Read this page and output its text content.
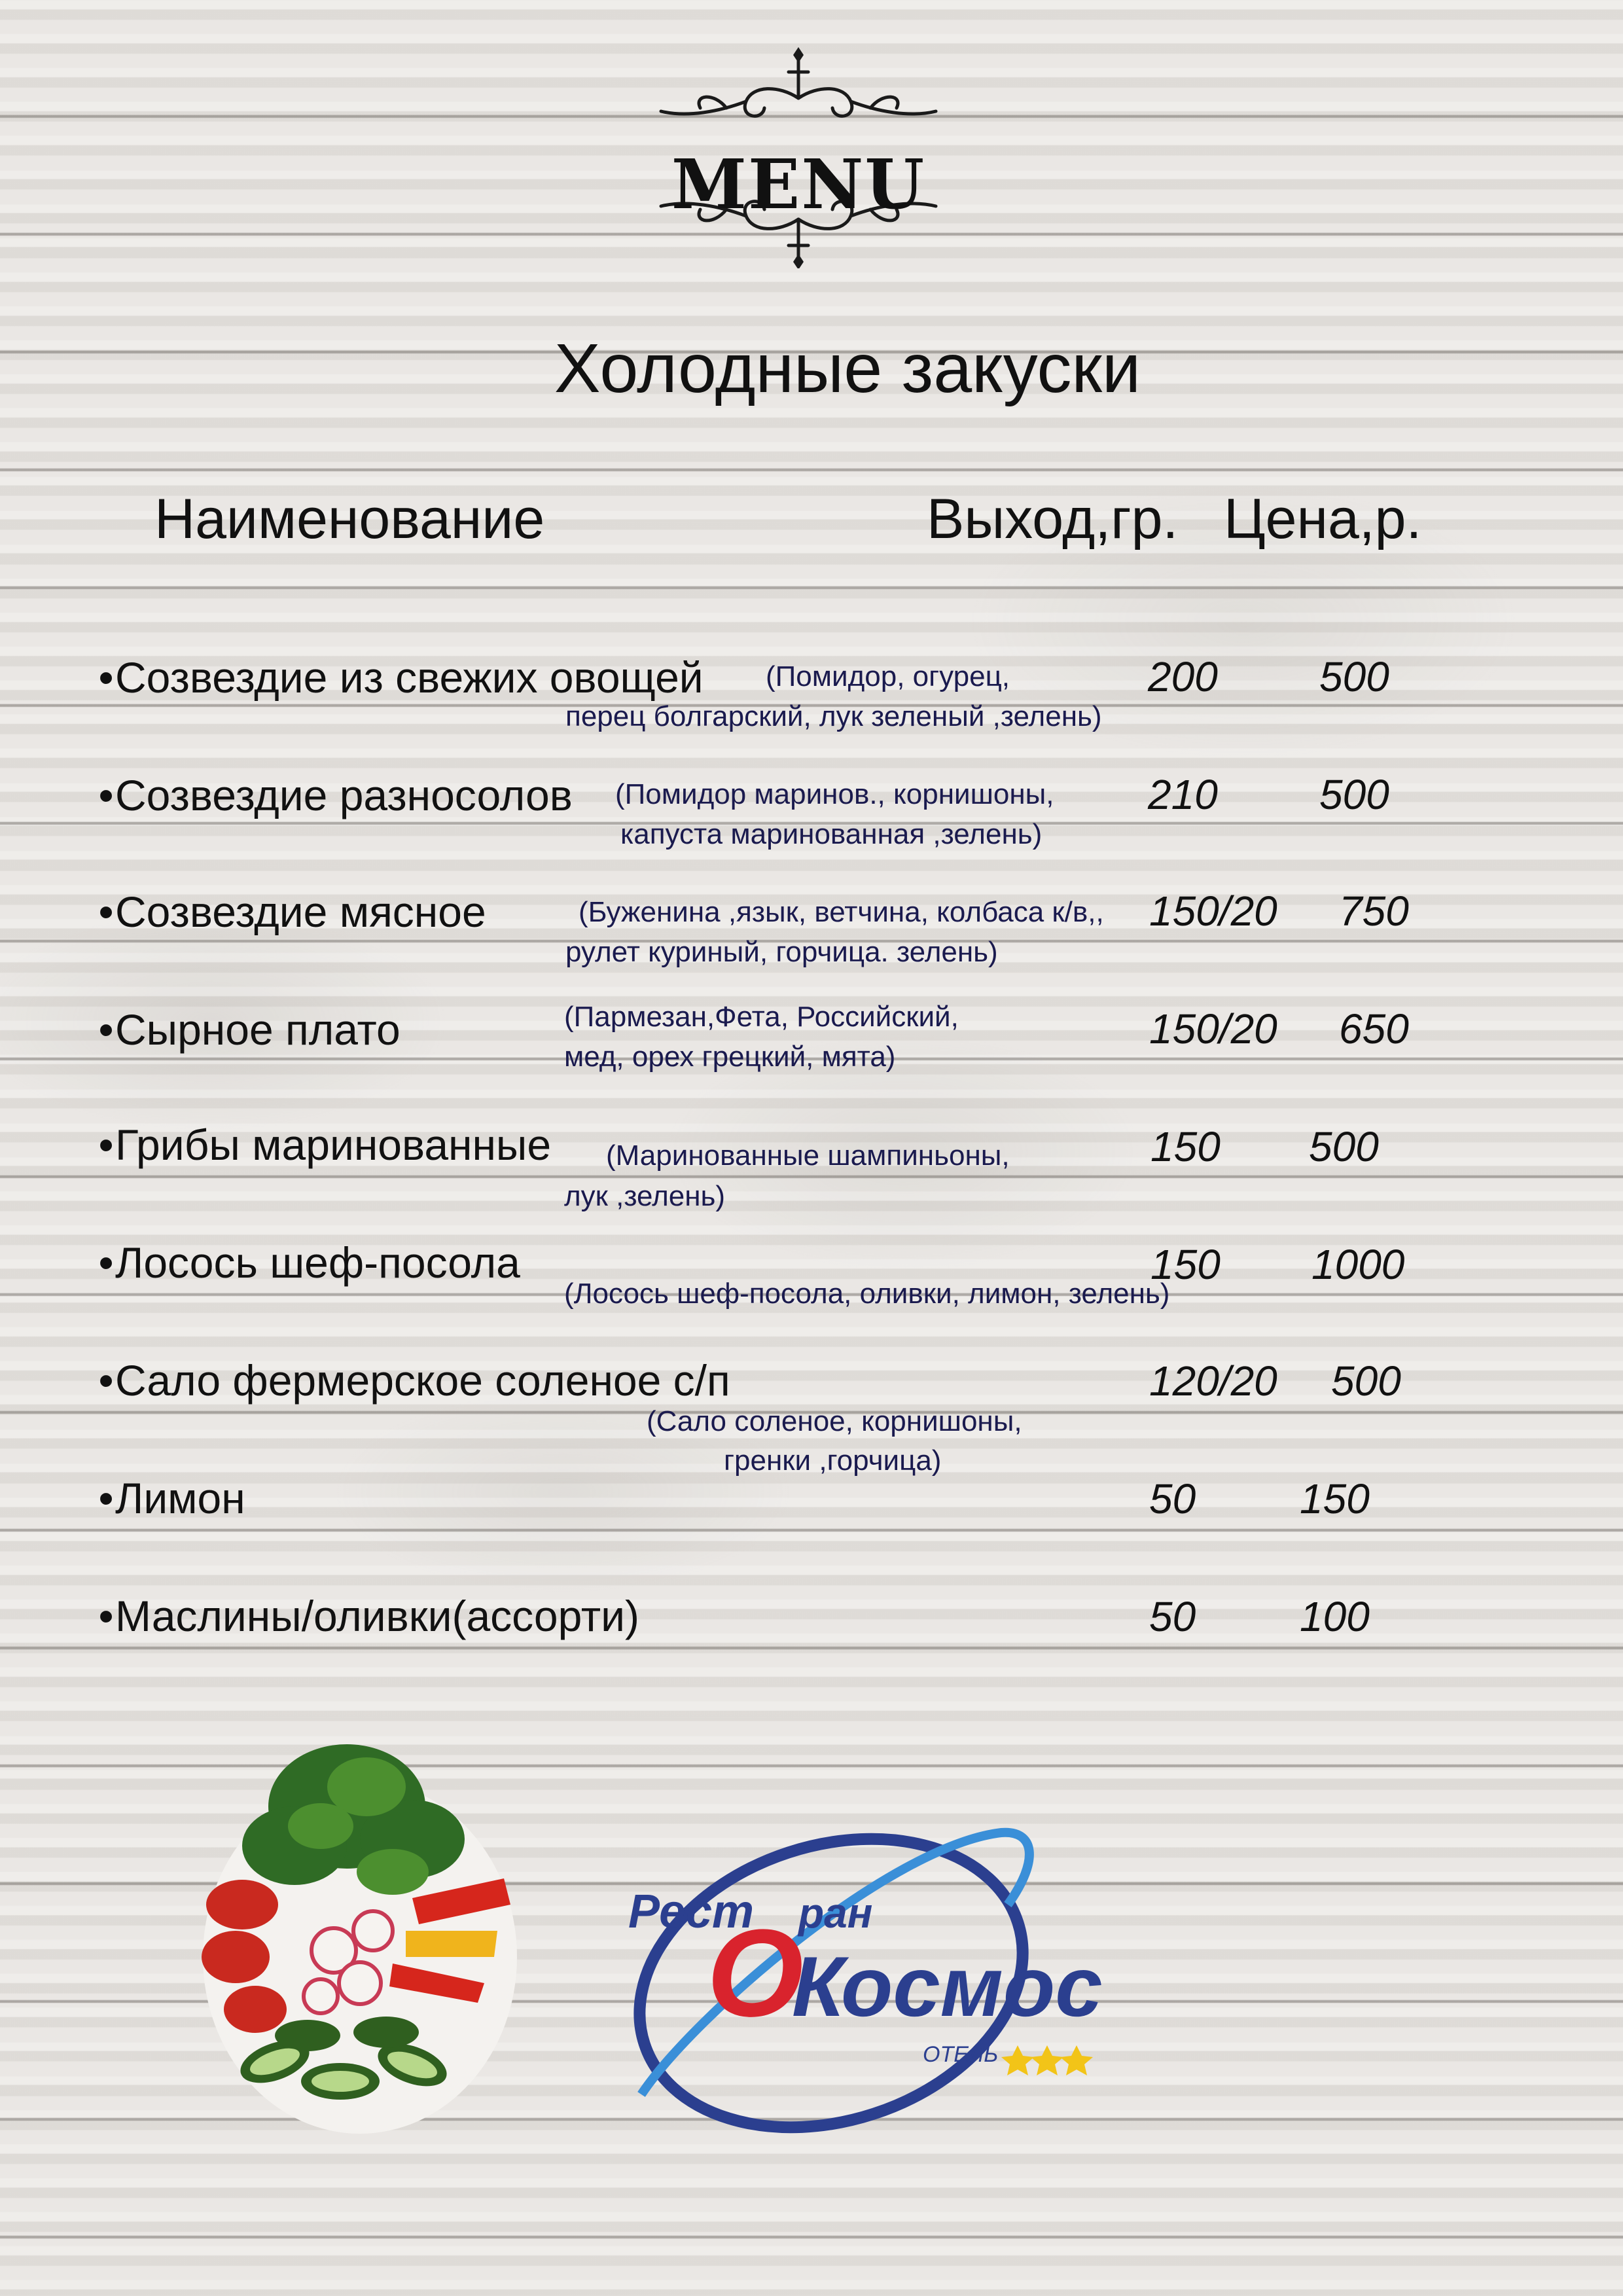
MENU
Холодные закуски
Наименование	Выход,гр. Цена,р.
•Созвездие из свежих овощей (Помидор, огурец,
перец болгарский, лук зеленый ,зелень)
200 500
•Созвездие разносолов (Помидор маринов., корнишоны,
капуста маринованная ,зелень)
210 500
•Созвездие мясное	(Буженина ,язык, ветчина, колбаса к/в,,
рулет куриный, горчица. зелень)
150/20 750
•Сырное плато	(Пармезан,Фета, Российский,
мед, орех грецкий, мята)
150/20 650
•Грибы маринованные (Маринованные шампиньоны,
лук ,зелень)
150 500
•Лосось шеф-посола
(Лосось шеф-посола, оливки, лимон, зелень)
150 1000
•Сало фермерское соленое с/п
(Сало соленое, корнишоны,
гренки ,горчица)
120/20 500
•Лимон	50 150
•Маслины/оливки(ассорти)	50 100
Рест ран
О
Космос
ОТЕЛЬ
